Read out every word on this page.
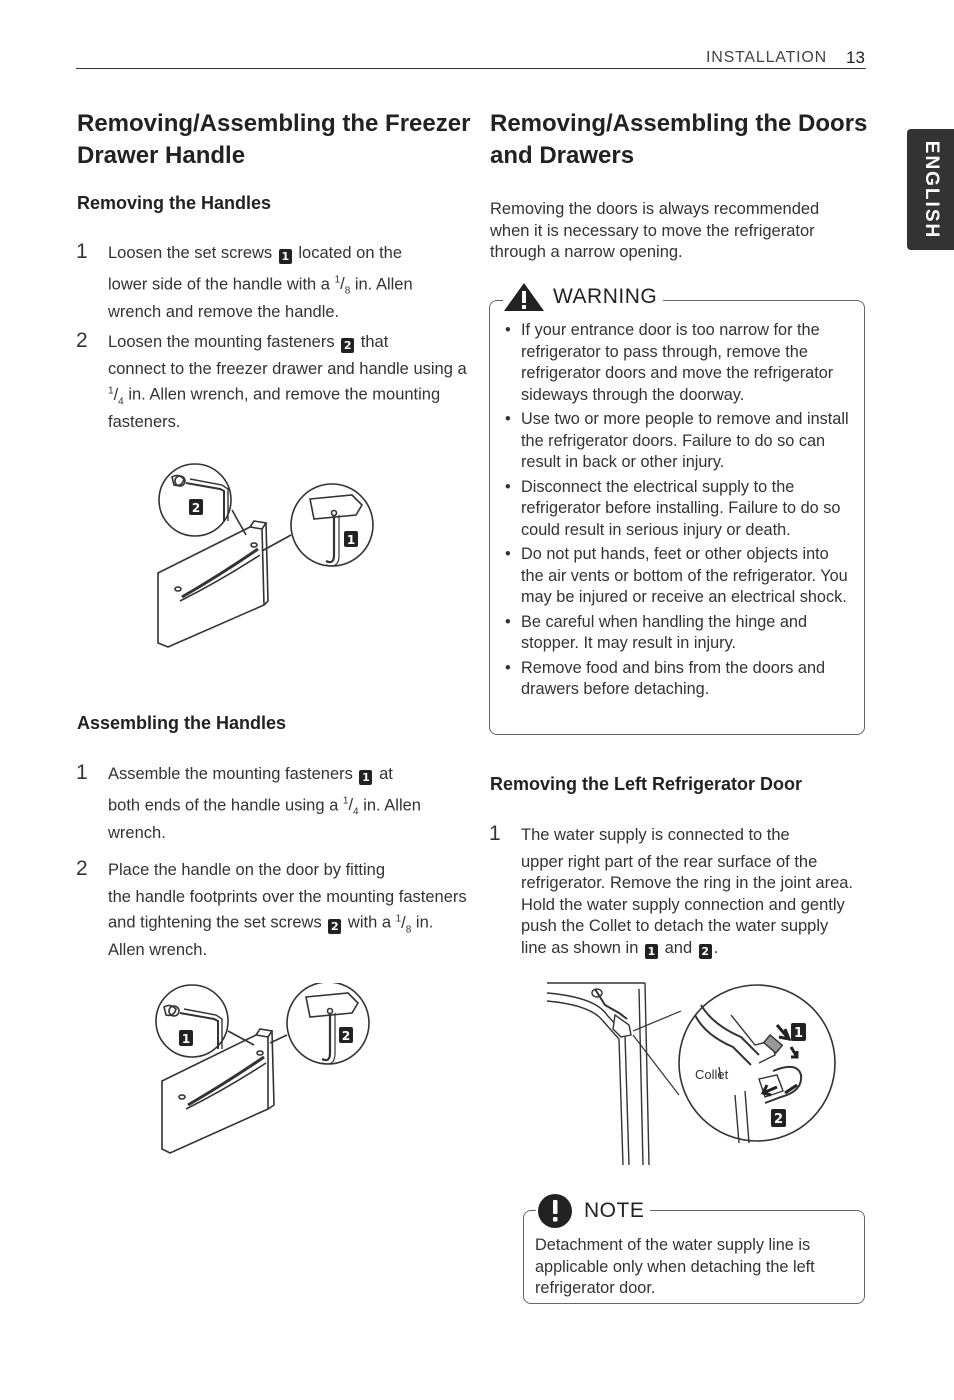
INSTALLATION 13
ENGLISH
Removing/Assembling the Freezer Drawer Handle
Removing the Handles
1 Loosen the set screws 1 located on the
lower side of the handle with a $^1/_8$ in. Allen wrench and remove the handle.
2 Loosen the mounting fasteners 2 that
connect to the freezer drawer and handle using a $^1/_4$ in. Allen wrench, and remove the mounting fasteners.
2
1
Assembling the Handles
1 Assemble the mounting fasteners 1 at
both ends of the handle using a $^1/_4$ in. Allen wrench.
2 Place the handle on the door by fitting
the handle footprints over the mounting fasteners and tightening the set screws 2 with a $^1/_8$ in. Allen wrench.
1	2
Removing/Assembling the Doors and Drawers
Removing the doors is always recommended when it is necessary to move the refrigerator through a narrow opening.
WARNING
• If your entrance door is too narrow for the refrigerator to pass through, remove the refrigerator doors and move the refrigerator sideways through the doorway.
• Use two or more people to remove and install the refrigerator doors. Failure to do so can result in back or other injury.
• Disconnect the electrical supply to the refrigerator before installing. Failure to do so could result in serious injury or death.
• Do not put hands, feet or other objects into the air vents or bottom of the refrigerator. You may be injured or receive an electrical shock.
• Be careful when handling the hinge and stopper. It may result in injury.
• Remove food and bins from the doors and drawers before detaching.
Removing the Left Refrigerator Door
1 The water supply is connected to the
upper right part of the rear surface of the refrigerator. Remove the ring in the joint area. Hold the water supply connection and gently push the Collet to detach the water supply line as shown in 1 and 2 .
Collet
1
2
NOTE
Detachment of the water supply line is applicable only when detaching the left refrigerator door.
